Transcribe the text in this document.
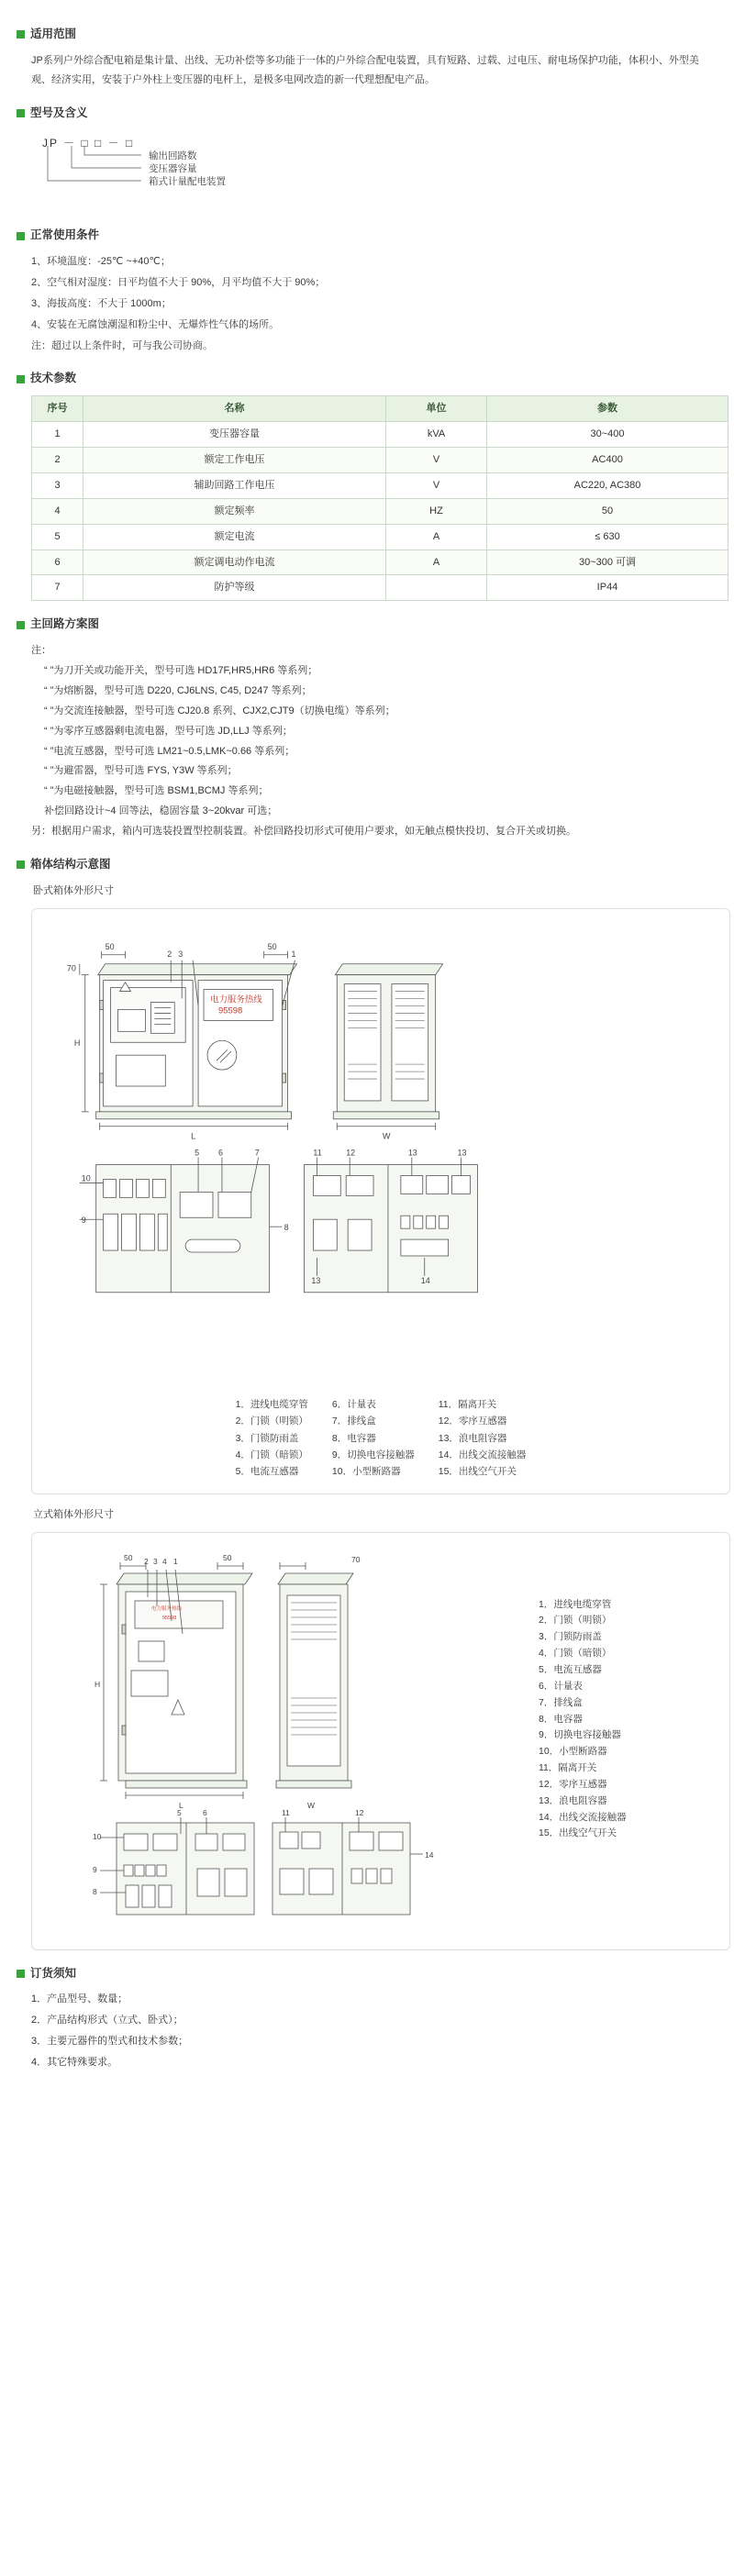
适用范围

JP系列户外综合配电箱是集计量、出线、无功补偿等多功能于一体的户外综合配电装置，具有短路、过载、过电压、耐电场保护功能，体积小、外型美观、经济实用，安装于户外柱上变压器的电杆上，是极多电网改造的新一代理想配电产品。

型号及含义
JP － □ □ － □
输出回路数
变压器容量
箱式计量配电装置
正常使用条件

1、环境温度：-25℃ ~+40℃；

2、空气相对湿度：日平均值不大于 90%，月平均值不大于 90%；

3、海拔高度：不大于 1000m；

4、安装在无腐蚀潮湿和粉尘中、无爆炸性气体的场所。

注：超过以上条件时，可与我公司协商。

技术参数
序号	名称	单位	参数
1	变压器容量	kVA	30~400
2	额定工作电压	V	AC400
3	辅助回路工作电压	V	AC220, AC380
4	额定频率	HZ	50
5	额定电流	A	≤ 630
6	额定调电动作电流	A	30~300 可调
7	防护等级		IP44
主回路方案图
注：
“ ”为刀开关或功能开关，型号可选 HD17F,HR5,HR6 等系列；
“ ”为熔断器，型号可选 D220, CJ6LNS, C45, D247 等系列；
“ ”为交流连接触器，型号可选 CJ20.8 系列、CJX2,CJT9（切换电缆）等系列；
“ ”为零序互感器剩电流电器，型号可选 JD,LLJ 等系列；
“ ”电流互感器，型号可选 LM21~0.5,LMK~0.66 等系列；
“ ”为避雷器，型号可选 FYS, Y3W 等系列；
“ ”为电磁接触器，型号可选 BSM1,BCMJ 等系列；
补偿回路设计~4 回等法，稳固容量 3~20kvar 可选；
另：根据用户需求，箱内可选装投置型控制装置。补偿回路投切形式可使用户要求，如无触点模快投切、复合开关或切换。
箱体结构示意图
卧式箱体外形尺寸
H
L	W
50	50
70
2 3	1
10
9
5 6	7
8
11	12	13	13
13	14
电力服务热线
95598
1．进线电缆穿管
2．门锁（明锁）
3．门锁防雨盖
4．门锁（暗锁）
5．电流互感器
6．计量表
7．排线盒
8．电容器
9．切换电容接触器
10．小型断路器
11．隔离开关
12．零序互感器
13．浪电阻容器
14．出线交流接触器
15．出线空气开关
立式箱体外形尺寸
H
L	W
50	50	70
2 3 4 1
10
9
8
5	6	11	12
14
电力服务热线
95598
1．进线电缆穿管
2．门锁（明锁）
3．门锁防雨盖
4．门锁（暗锁）
5．电流互感器
6．计量表
7．排线盒
8．电容器
9．切换电容接触器
10．小型断路器
11．隔离开关
12．零序互感器
13．浪电阻容器
14．出线交流接触器
15．出线空气开关
订货须知

1．产品型号、数量；

2．产品结构形式（立式、卧式）；

3．主要元器件的型式和技术参数；

4．其它特殊要求。
